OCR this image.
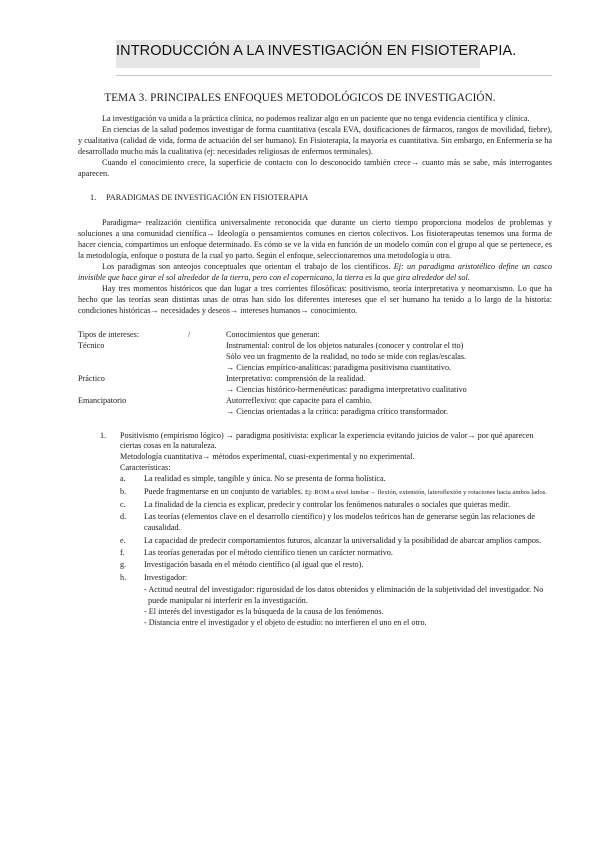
INTRODUCCIÓN A LA INVESTIGACIÓN EN FISIOTERAPIA.
TEMA 3. PRINCIPALES ENFOQUES METODOLÓGICOS DE INVESTIGACIÓN.

La investigación va unida a la práctica clínica, no podemos realizar algo en un paciente que no tenga evidencia científica y clínica.

En ciencias de la salud podemos investigar de forma cuantitativa (escala EVA, dosificaciones de fármacos, rangos de movilidad, fiebre), y cualitativa (calidad de vida, forma de actuación del ser humano). En Fisioterapia, la mayoría es cuantitativa. Sin embargo, en Enfermería se ha desarrollado mucho más la cualitativa (ej: necesidades religiosas de enfermos terminales).

Cuando el conocimiento crece, la superficie de contacto con lo desconocido también crece→ cuanto más se sabe, más interrogantes aparecen.

1. PARADIGMAS DE INVESTIGACIÓN EN FISIOTERAPIA

Paradigma= realización científica universalmente reconocida que durante un cierto tiempo proporciona modelos de problemas y soluciones a una comunidad científica→ Ideología o pensamientos comunes en ciertos colectivos. Los fisioterapeutas tenemos una forma de hacer ciencia, compartimos un enfoque determinado. Es cómo se ve la vida en función de un modelo común con el grupo al que se pertenece, es la metodología, enfoque o postura de la cual yo parto. Según el enfoque, seleccionaremos una metodología u otra.

Los paradigmas son anteojos conceptuales que orientan el trabajo de los científicos. Ej: un paradigma aristotélico define un casco invisible que hace girar el sol alrededor de la tierra, pero con el copernicano, la tierra es la que gira alrededor del sol.

Hay tres momentos históricos que dan lugar a tres corrientes filosóficas: positivismo, teoría interpretativa y neomarxismo. Lo que ha hecho que las teorías sean distintas unas de otras han sido los diferentes intereses que el ser humano ha tenido a lo largo de la historia: condiciones históricas→ necesidades y deseos→ intereses humanos→ conocimiento.

Tipos de intereses:	/	Conocimientos que generan:
Técnico		Instrumental: control de los objetos naturales (conocer y controlar el tto)
Sólo veo un fragmento de la realidad, no todo se mide con reglas/escalas.
→ Ciencias empírico-analíticas: paradigma positivismo cuantitativo.

Práctico		Interpretativo: comprensión de la realidad.
→ Ciencias histórico-hermenéuticas: paradigma interpretativo cualitativo

Emancipatorio		Autorreflexivo: que capacite para el cambio.
→ Ciencias orientadas a la crítica: paradigma crítico transformador.
1.	Positivismo (empirismo lógico) → paradigma positivista: explicar la experiencia evitando juicios de valor→ por qué aparecen ciertas cosas en la naturaleza.
Metodología cuantitativa→ métodos experimental, cuasi-experimental y no experimental.
Características:
a.	La realidad es simple, tangible y única. No se presenta de forma holística.
b.	Puede fragmentarse en un conjunto de variables. Ej: ROM a nivel lumbar→ flexión, extensión, lateroflexión y rotaciones hacia ambos lados.
c.	La finalidad de la ciencia es explicar, predecir y controlar los fenómenos naturales o sociales que quieras medir.
d.	Las teorías (elementos clave en el desarrollo científico) y los modelos teóricos han de generarse según las relaciones de causalidad.
e.	La capacidad de predecir comportamientos futuros, alcanzar la universalidad y la posibilidad de abarcar amplios campos.
f.	Las teorías generadas por el método científico tienen un carácter normativo.
g.	Investigación basada en el método científico (al igual que el resto).
h.	Investigador:
- Actitud neutral del investigador: rigurosidad de los datos obtenidos y eliminación de la subjetividad del investigador. No puede manipular ni interferir en la investigación.
- El interés del investigador es la búsqueda de la causa de los fenómenos.
- Distancia entre el investigador y el objeto de estudio: no interfieren el uno en el otro.
